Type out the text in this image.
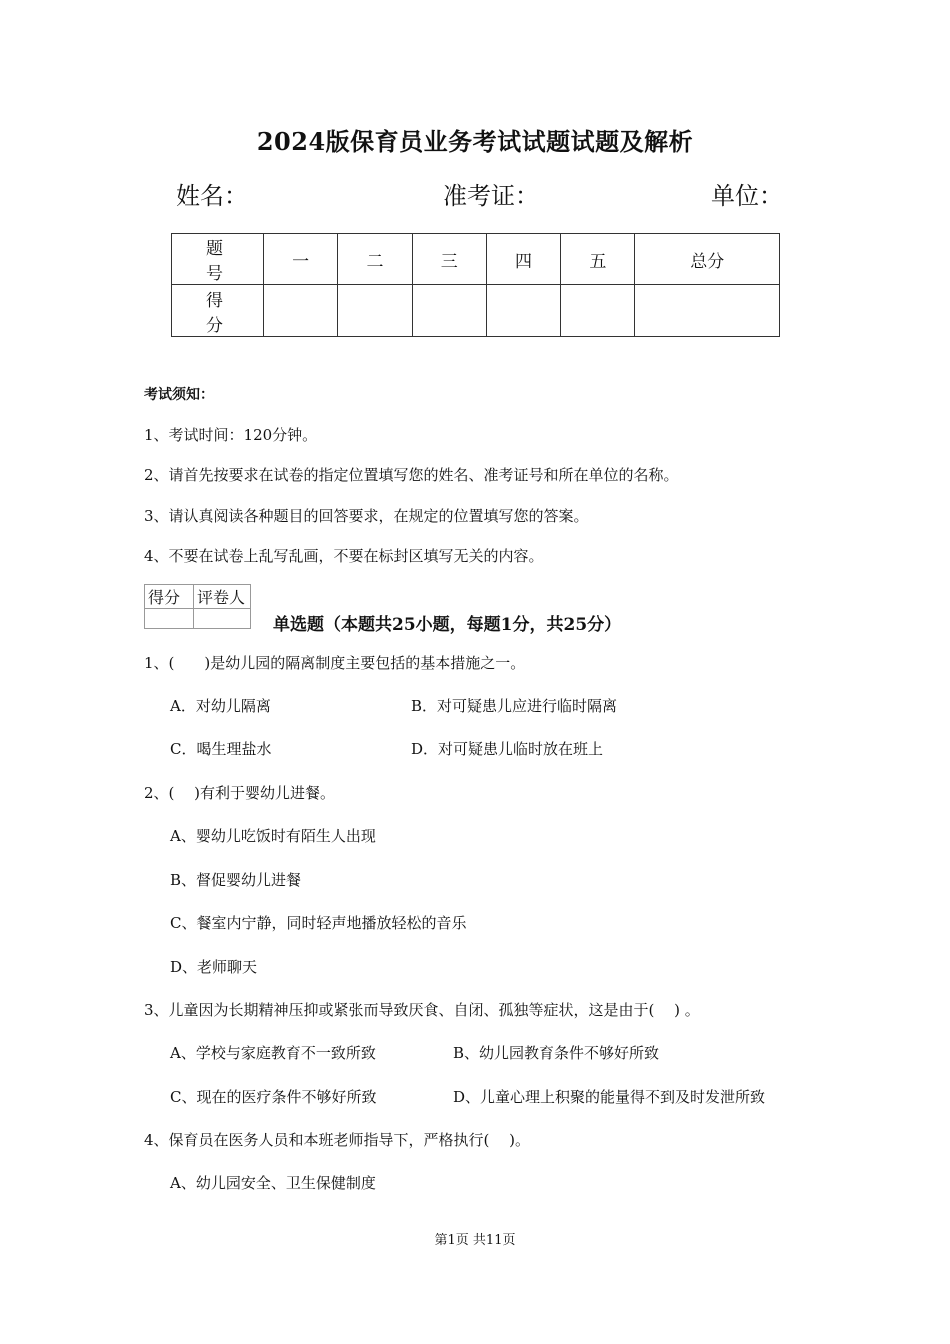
2024版保育员业务考试试题试题及解析
姓名：	准考证：	单位：
题　号	一	二	三	四	五	总分
得　分						
考试须知：
1、考试时间：120分钟。
2、请首先按要求在试卷的指定位置填写您的姓名、准考证号和所在单位的名称。
3、请认真阅读各种题目的回答要求，在规定的位置填写您的答案。
4、不要在试卷上乱写乱画，不要在标封区填写无关的内容。
得分	评卷人

单选题（本题共25小题，每题1分，共25分）
1、(　　)是幼儿园的隔离制度主要包括的基本措施之一。
A．对幼儿隔离	B．对可疑患儿应进行临时隔离
C．喝生理盐水	D．对可疑患儿临时放在班上
2、(　 )有利于婴幼儿进餐。
A、婴幼儿吃饭时有陌生人出现
B、督促婴幼儿进餐
C、餐室内宁静，同时轻声地播放轻松的音乐
D、老师聊天
3、儿童因为长期精神压抑或紧张而导致厌食、自闭、孤独等症状，这是由于(　 ) 。
A、学校与家庭教育不一致所致	B、幼儿园教育条件不够好所致
C、现在的医疗条件不够好所致	D、儿童心理上积聚的能量得不到及时发泄所致
4、保育员在医务人员和本班老师指导下，严格执行(　 )。
A、幼儿园安全、卫生保健制度
第1页 共11页
